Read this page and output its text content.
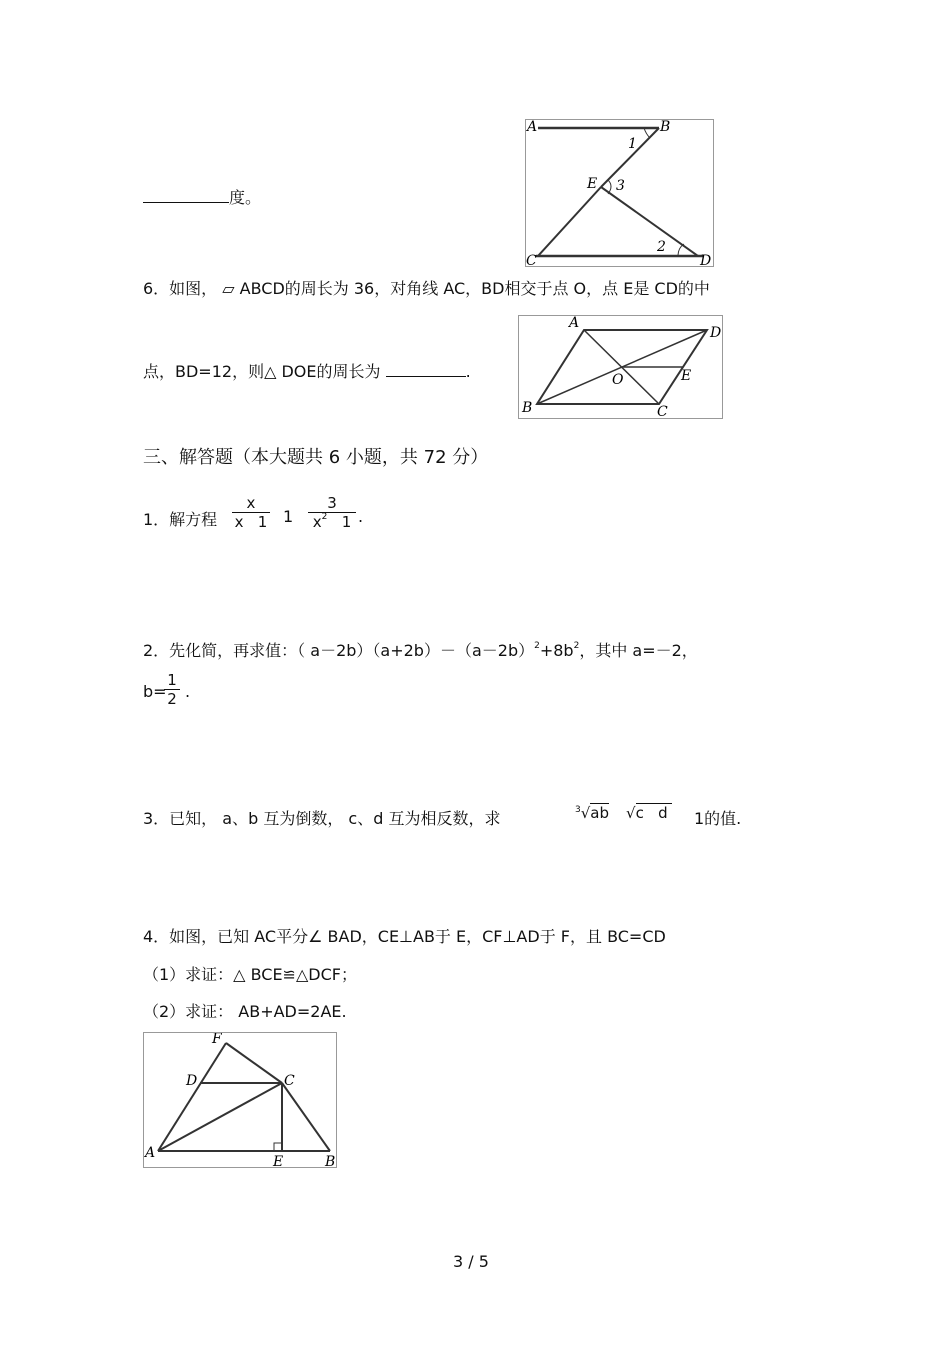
度。
A	B
C	D
E
1
2
3
6．如图， ▱ ABCD的周长为 36，对角线 AC，BD相交于点 O，点 E是 CD的中
点，BD=12，则△ DOE的周长为	.
A
D
B	C
O	E
三、解答题（本大题共 6 小题，共 72 分）
1．解方程 $\frac{x}{x 1} 1 \frac{3}{x^2 1}$ .
2．先化简，再求值：（ $a-2b)(a+2b)-(a-2b)^2+8b^2$，其中 a=－2，
b=
$\frac{1}{2}$ .
3．已知， a、b 互为倒数， c、d 互为相反数，求	$^3$√ab √c   d 1的值.
4．如图，已知 AC平分∠ BAD，CE⊥AB于 E，CF⊥AD于 F，且 BC=CD
（1）求证：△ BCE≌△DCF；
（2）求证： AB+AD=2AE.
F
D	C
A
E	B
3 / 5
